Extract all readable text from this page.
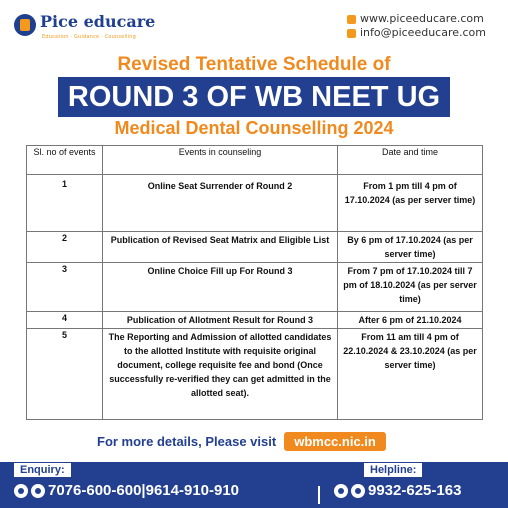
Pice educare
Education · Guidance · Counselling
www.piceeducare.com
info@piceeducare.com
Revised Tentative Schedule of
ROUND 3 OF WB NEET UG
Medical Dental Counselling 2024
Sl. no of events	Events in counseling	Date and time
1	Online Seat Surrender of Round 2	From 1 pm till 4 pm of 17.10.2024 (as per server time)
2	Publication of Revised Seat Matrix and Eligible List	By 6 pm of 17.10.2024 (as per server time)
3	Online Choice Fill up For Round 3	From 7 pm of 17.10.2024 till 7 pm of 18.10.2024 (as per server time)
4	Publication of Allotment Result for Round 3	After 6 pm of 21.10.2024
5	The Reporting and Admission of allotted candidates to the allotted Institute with requisite original document, college requisite fee and bond (Once successfully re-verified they can get admitted in the allotted seat).	From 11 am till 4 pm of 22.10.2024 & 23.10.2024 (as per server time)
For more details, Please visit	wbmcc.nic.in
Enquiry:	Helpline:
7076-600-600|9614-910-910	9932-625-163
